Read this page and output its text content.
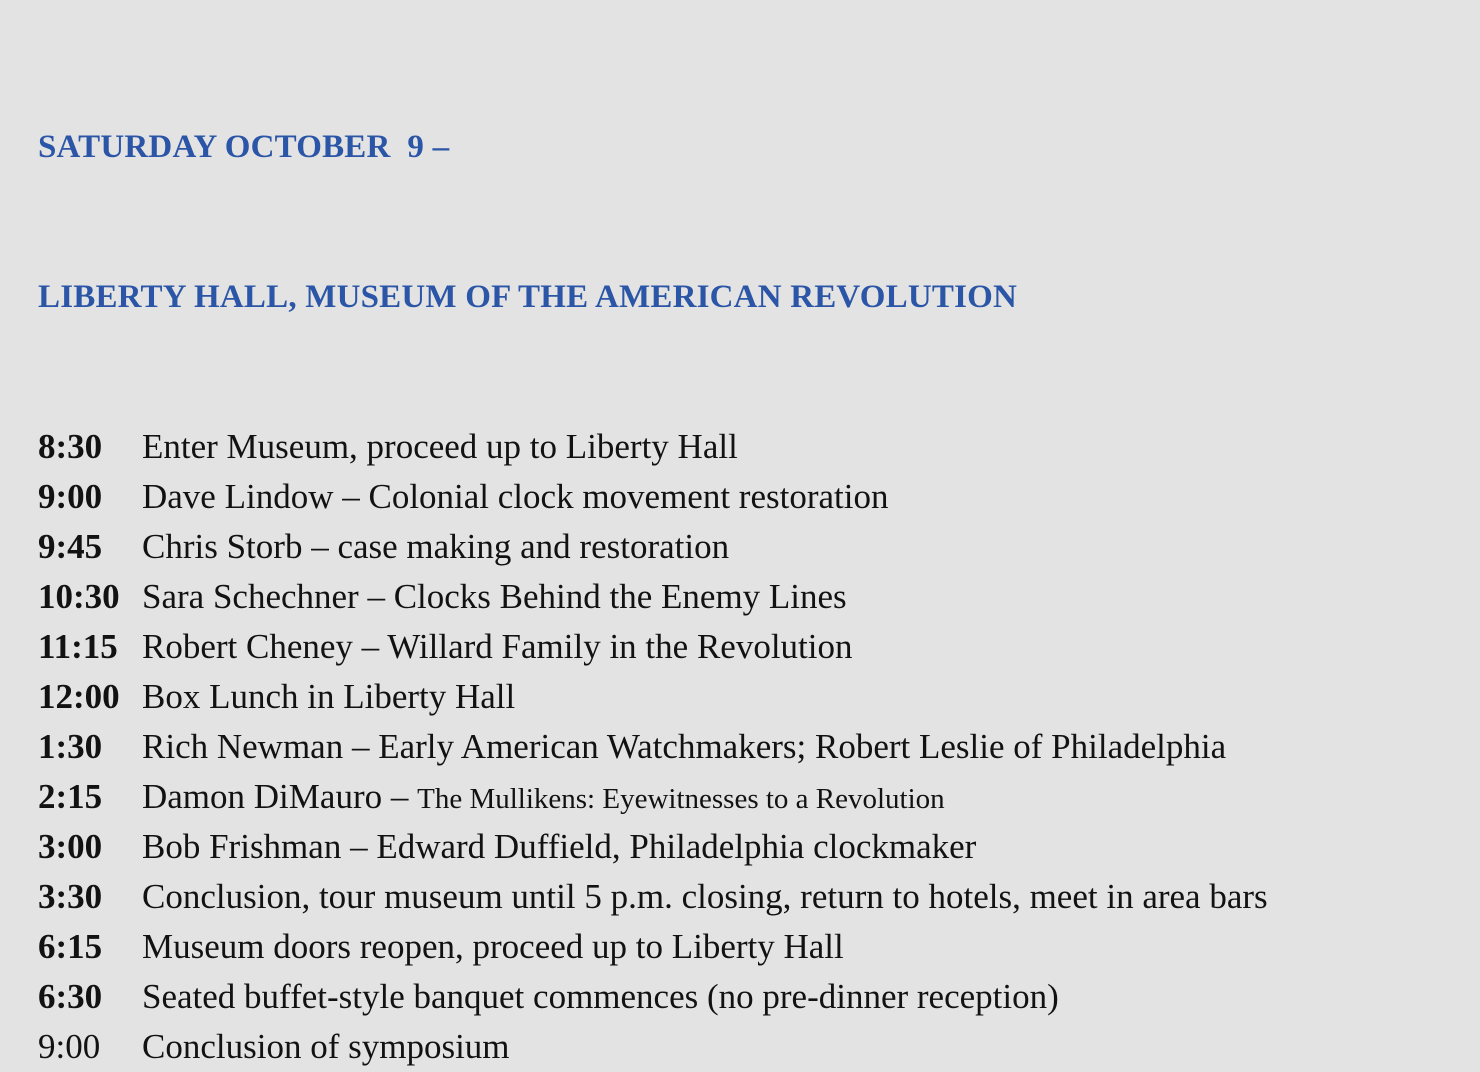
SATURDAY OCTOBER  9 –

LIBERTY HALL, MUSEUM OF THE AMERICAN REVOLUTION

8:30	Enter Museum, proceed up to Liberty Hall
9:00	Dave Lindow – Colonial clock movement restoration
9:45	Chris Storb – case making and restoration
10:30 Sara Schechner – Clocks Behind the Enemy Lines
11:15 Robert Cheney – Willard Family in the Revolution
12:00 Box Lunch in Liberty Hall
1:30	Rich Newman – Early American Watchmakers; Robert Leslie of Philadelphia
2:15	Damon DiMauro – The Mullikens: Eyewitnesses to a Revolution
3:00	Bob Frishman – Edward Duffield, Philadelphia clockmaker
3:30	Conclusion, tour museum until 5 p.m. closing, return to hotels, meet in area bars
6:15	Museum doors reopen, proceed up to Liberty Hall
6:30	Seated buffet-style banquet commences (no pre-dinner reception)
9:00	Conclusion of symposium
